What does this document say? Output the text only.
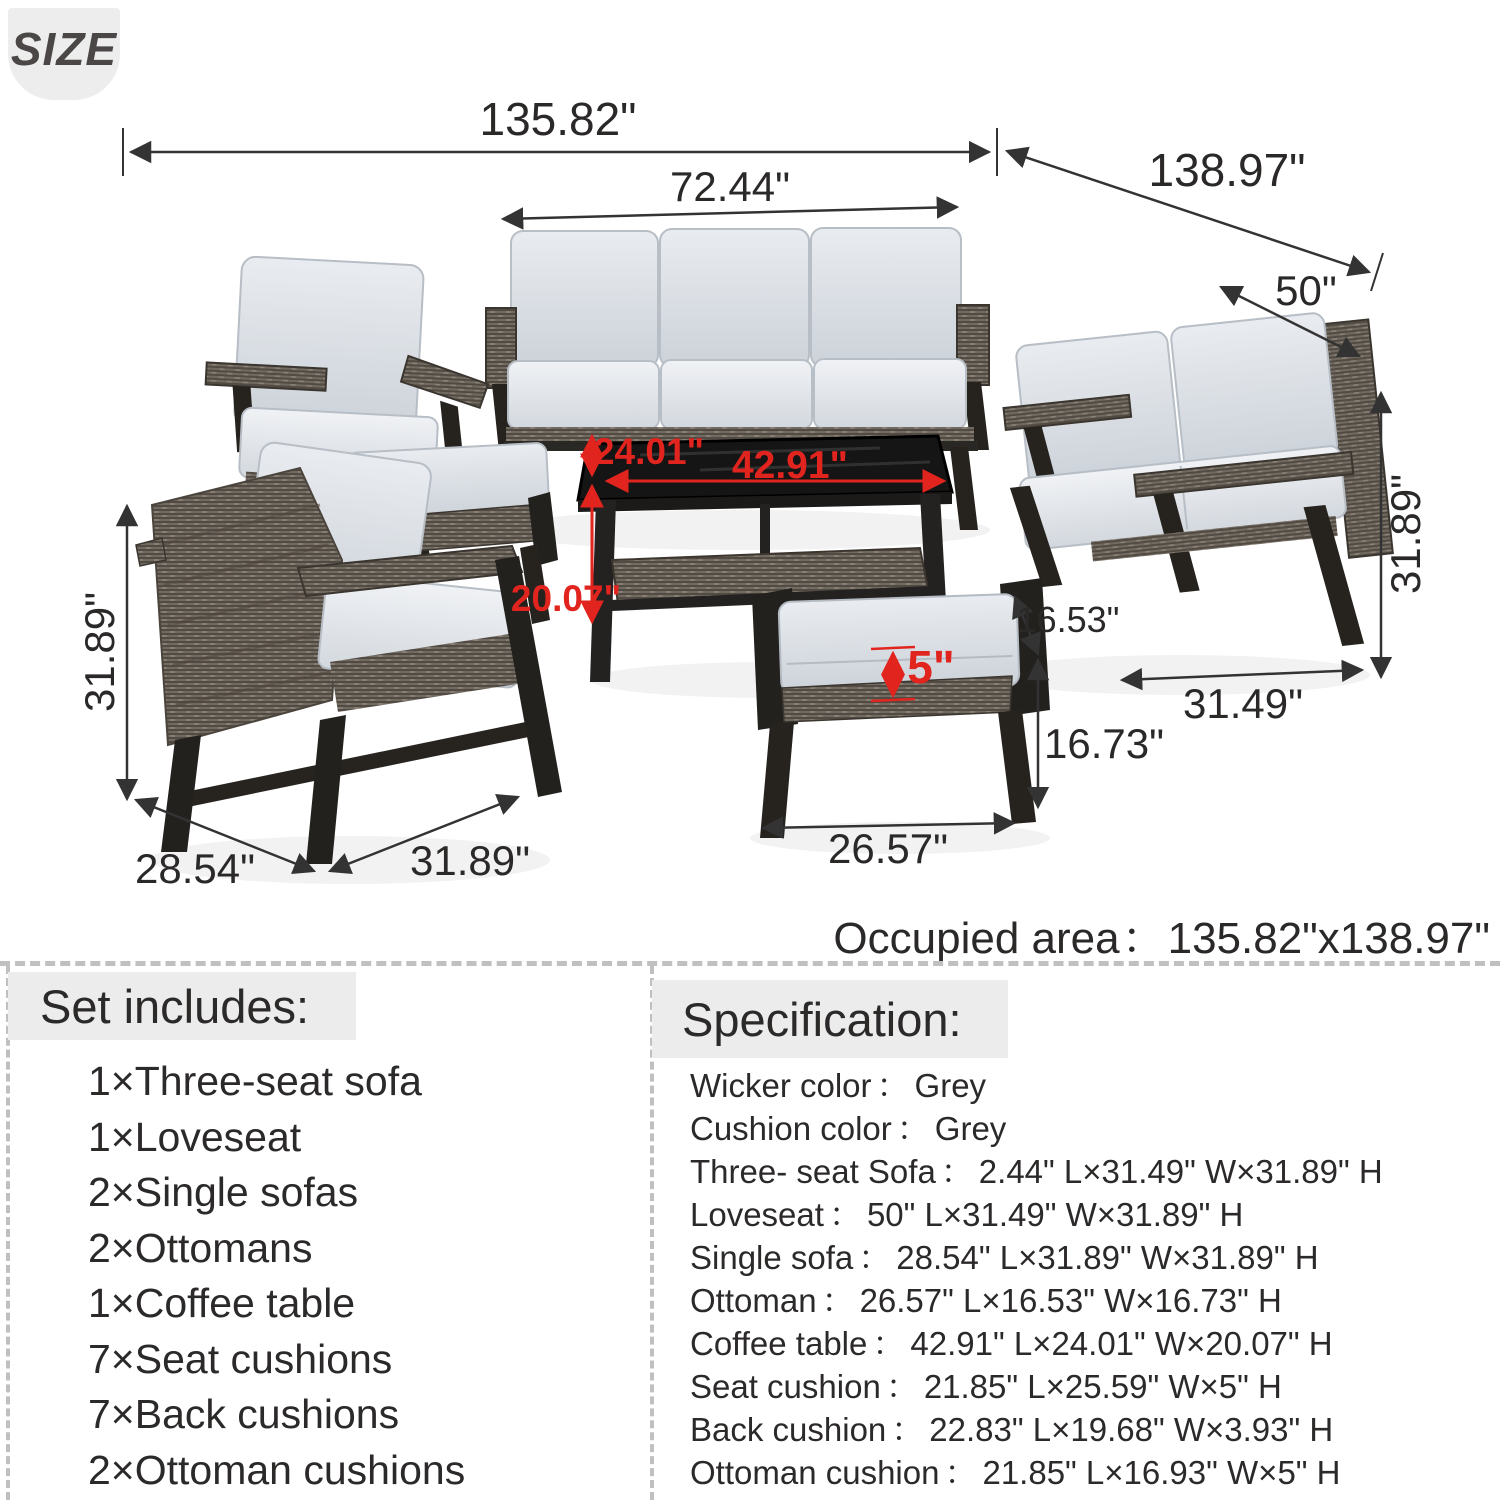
SIZE
135.82"
72.44"	138.97"
50"
31.89"
31.49"
16.53"
16.73"
26.57"
31.89"
28.54"	31.89"
24.01" 42.91"
20.07"
5"
Occupied area：135.82"x138.97"
Set includes:
1×Three-seat sofa
1×Loveseat
2×Single sofas
2×Ottomans
1×Coffee table
7×Seat cushions
7×Back cushions
2×Ottoman cushions
Specification:
Wicker color ： Grey
Cushion color ： Grey
Three- seat Sofa ： 2.44" L×31.49" W×31.89" H
Loveseat ： 50" L×31.49" W×31.89" H
Single sofa ： 28.54" L×31.89" W×31.89" H
Ottoman ： 26.57" L×16.53" W×16.73" H
Coffee table ： 42.91" L×24.01" W×20.07" H
Seat cushion ： 21.85" L×25.59" W×5" H
Back cushion ： 22.83" L×19.68" W×3.93" H
Ottoman cushion ： 21.85" L×16.93" W×5" H
